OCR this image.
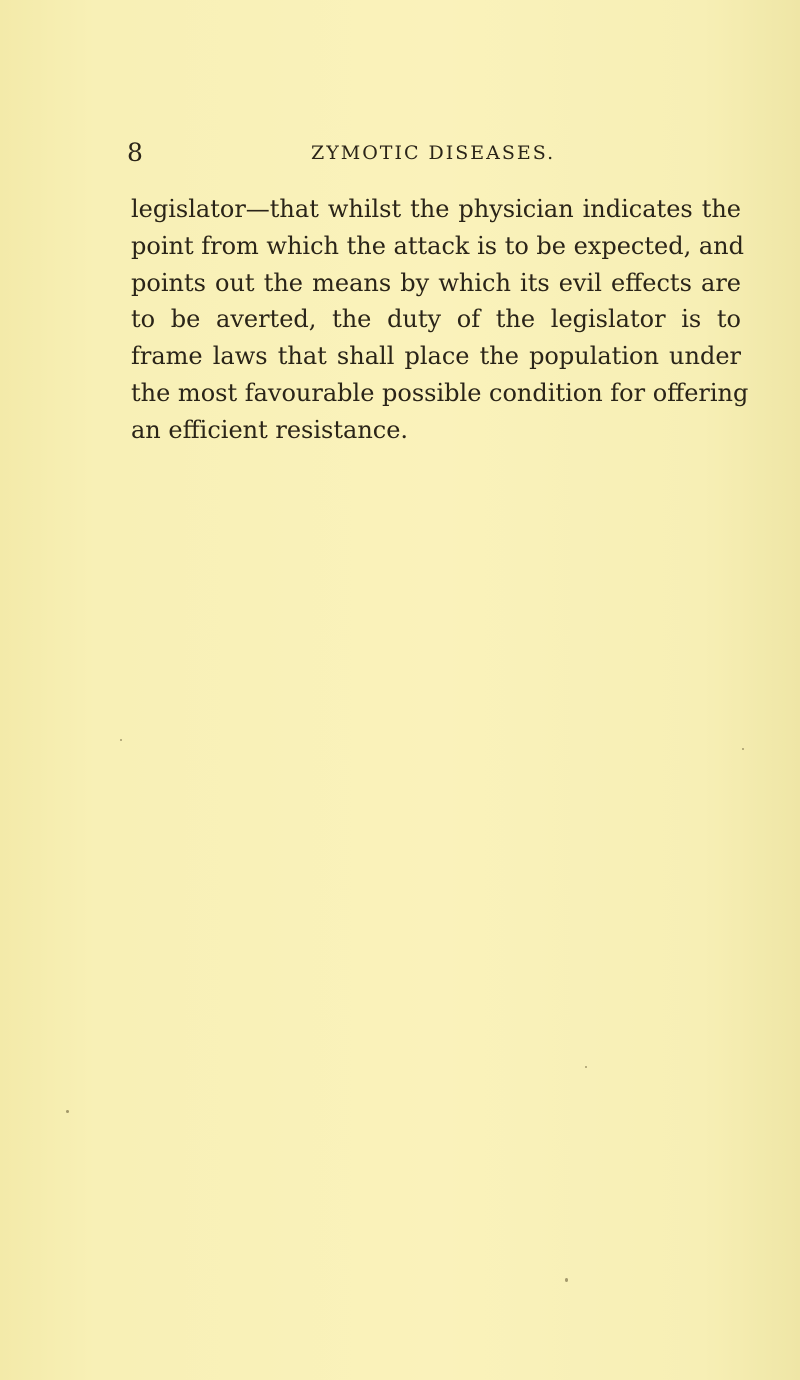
8	ZYMOTIC DISEASES.
legislator—that whilst the physician indicates the
point from which the attack is to be expected, and
points out the means by which its evil effects are
to be averted, the duty of the legislator is to
frame laws that shall place the population under
the most favourable possible condition for offering
an efficient resistance.
